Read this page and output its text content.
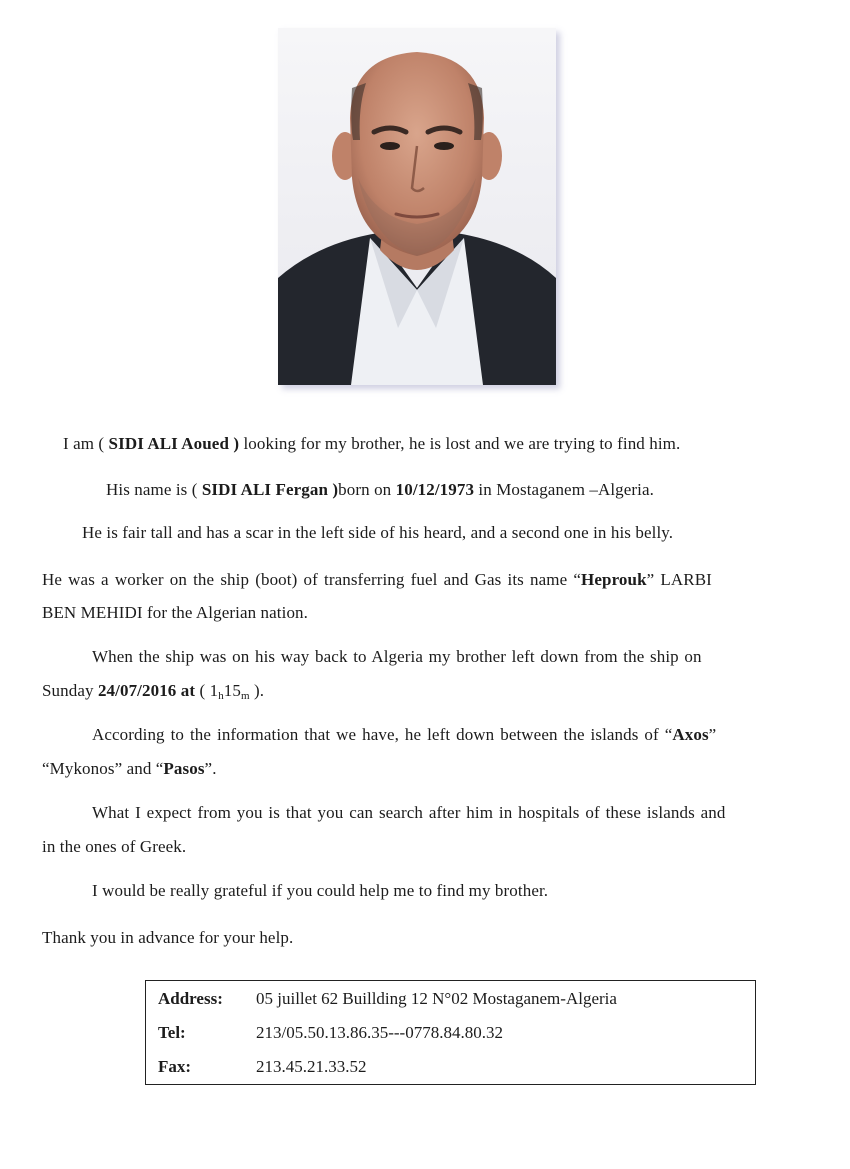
I am ( SIDI ALI Aoued ) looking for my brother, he is lost and we are trying to find him.
His name is ( SIDI ALI Fergan )born on 10/12/1973 in Mostaganem –Algeria.
He is fair tall and has a scar in the left side of his heard, and a second one in his belly.
He was a worker on the ship (boot) of transferring fuel and Gas its name “Heprouk” LARBI
BEN MEHIDI for the Algerian nation.
When the ship was on his way back to Algeria my brother left down from the ship on
Sunday 24/07/2016 at ( $1_h15_m$ ).
According to the information that we have, he left down between the islands of “Axos”
“Mykonos” and “Pasos”.
What I expect from you is that you can search after him in hospitals of these islands and
in the ones of Greek.
I would be really grateful if you could help me to find my brother.
Thank you in advance for your help.
Address: 05 juillet 62 Buillding 12 N°02 Mostaganem-Algeria
Tel:	213/05.50.13.86.35---0778.84.80.32
Fax:	213.45.21.33.52
